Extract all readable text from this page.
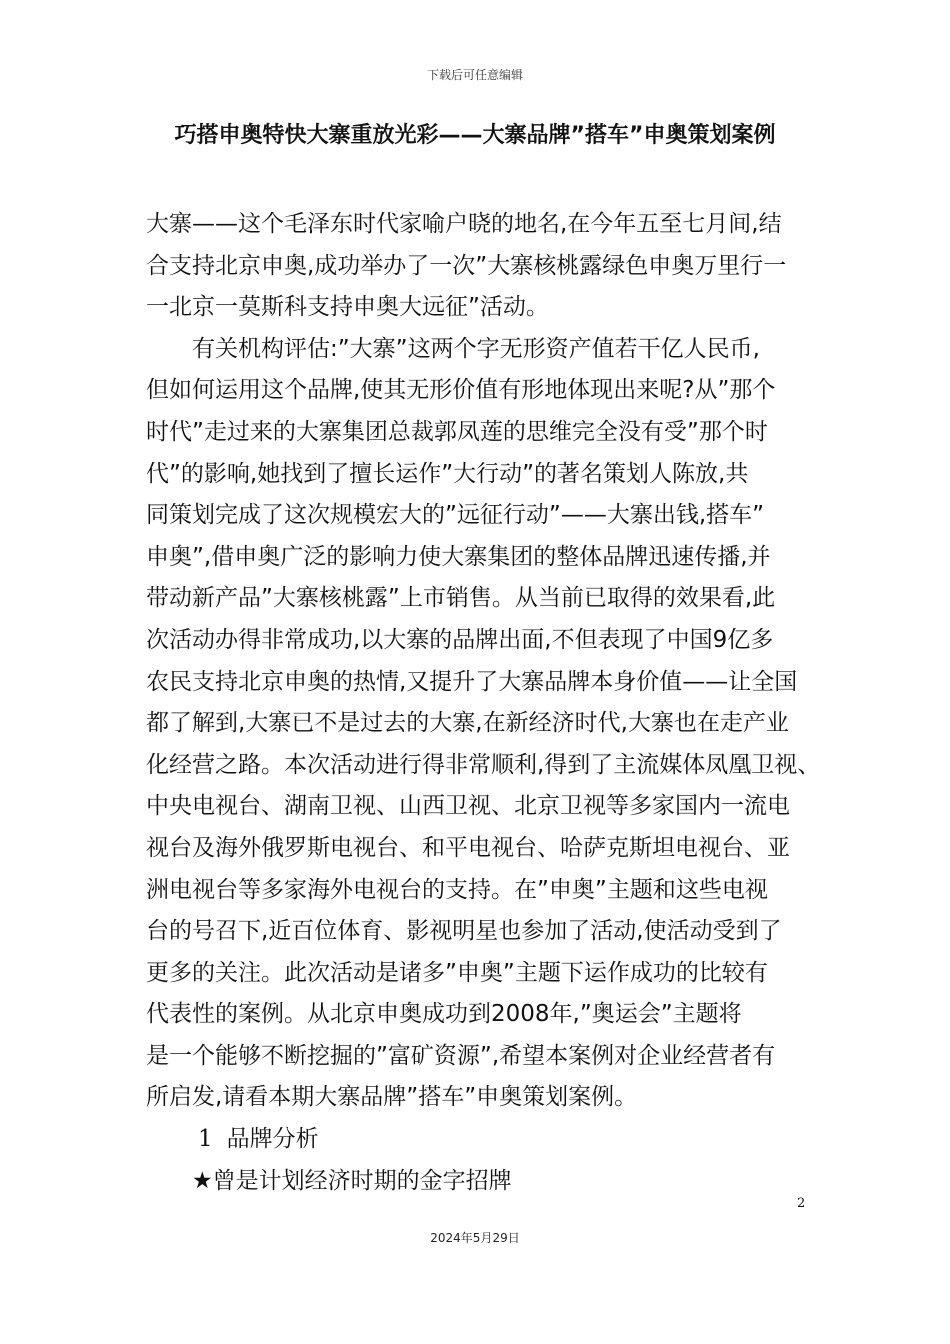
下载后可任意编辑
巧搭申奥特快大寨重放光彩——大寨品牌”搭车”申奥策划案例

大寨——这个毛泽东时代家喻户晓的地名,在今年五至七月间,结
合支持北京申奥,成功举办了一次”大寨核桃露绿色申奥万里行一
一北京一莫斯科支持申奥大远征”活动。

有关机构评估:”大寨”这两个字无形资产值若干亿人民币,
但如何运用这个品牌,使其无形价值有形地体现出来呢?从”那个
时代”走过来的大寨集团总裁郭凤莲的思维完全没有受”那个时
代”的影响,她找到了擅长运作”大行动”的著名策划人陈放,共
同策划完成了这次规模宏大的”远征行动”——大寨出钱,搭车”
申奥”,借申奥广泛的影响力使大寨集团的整体品牌迅速传播,并
带动新产品”大寨核桃露”上市销售。从当前已取得的效果看,此
次活动办得非常成功,以大寨的品牌出面,不但表现了中国9亿多
农民支持北京申奥的热情,又提升了大寨品牌本身价值——让全国
都了解到,大寨已不是过去的大寨,在新经济时代,大寨也在走产业
化经营之路。本次活动进行得非常顺利,得到了主流媒体凤凰卫视、
中央电视台、湖南卫视、山西卫视、北京卫视等多家国内一流电
视台及海外俄罗斯电视台、和平电视台、哈萨克斯坦电视台、亚
洲电视台等多家海外电视台的支持。在”申奥”主题和这些电视
台的号召下,近百位体育、影视明星也参加了活动,使活动受到了
更多的关注。此次活动是诸多”申奥”主题下运作成功的比较有
代表性的案例。从北京申奥成功到2008年,”奥运会”主题将
是一个能够不断挖掘的”富矿资源”,希望本案例对企业经营者有
所启发,请看本期大寨品牌”搭车”申奥策划案例。

1 品牌分析

★曾是计划经济时期的金字招牌

2
2024年5月29日
